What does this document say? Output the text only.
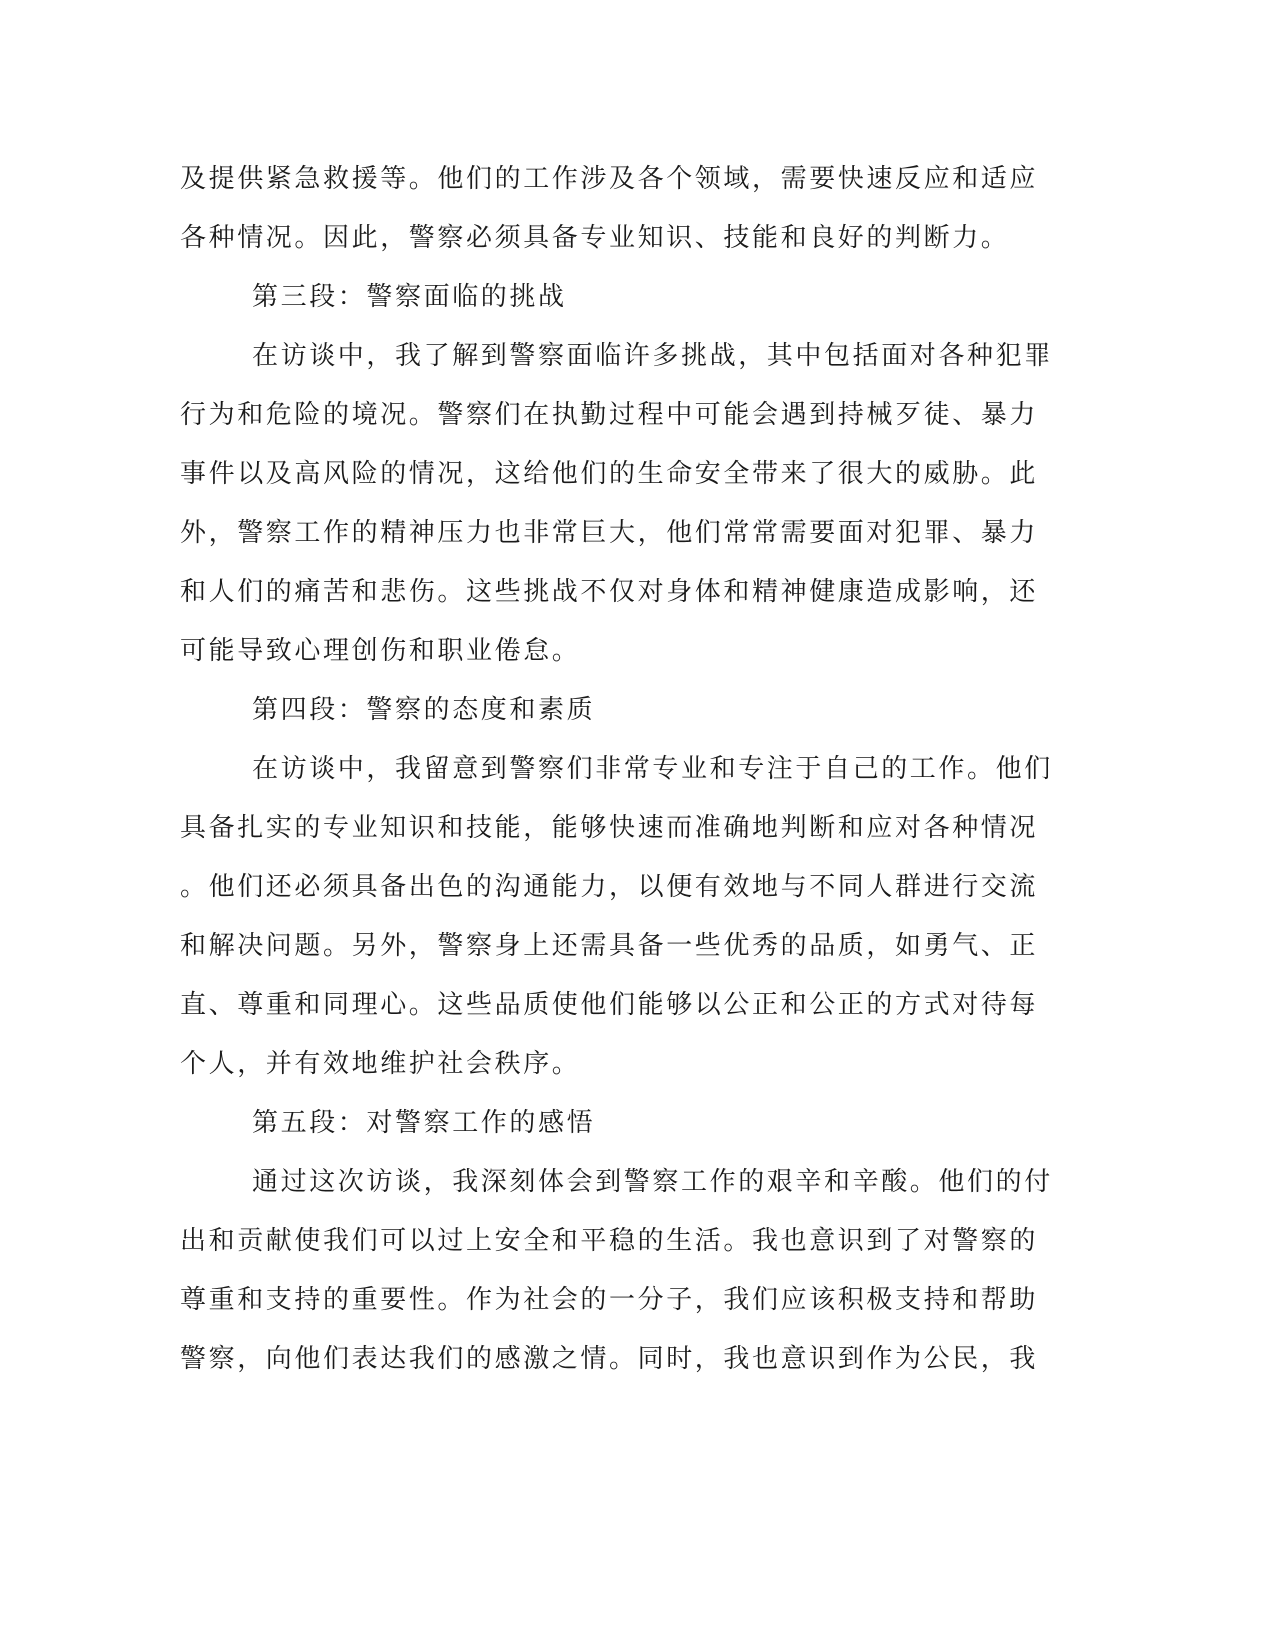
及提供紧急救援等。他们的工作涉及各个领域，需要快速反应和适应
各种情况。因此，警察必须具备专业知识、技能和良好的判断力。
第三段：警察面临的挑战
在访谈中，我了解到警察面临许多挑战，其中包括面对各种犯罪
行为和危险的境况。警察们在执勤过程中可能会遇到持械歹徒、暴力
事件以及高风险的情况，这给他们的生命安全带来了很大的威胁。此
外，警察工作的精神压力也非常巨大，他们常常需要面对犯罪、暴力
和人们的痛苦和悲伤。这些挑战不仅对身体和精神健康造成影响，还
可能导致心理创伤和职业倦怠。
第四段：警察的态度和素质
在访谈中，我留意到警察们非常专业和专注于自己的工作。他们
具备扎实的专业知识和技能，能够快速而准确地判断和应对各种情况
。他们还必须具备出色的沟通能力，以便有效地与不同人群进行交流
和解决问题。另外，警察身上还需具备一些优秀的品质，如勇气、正
直、尊重和同理心。这些品质使他们能够以公正和公正的方式对待每
个人，并有效地维护社会秩序。
第五段：对警察工作的感悟
通过这次访谈，我深刻体会到警察工作的艰辛和辛酸。他们的付
出和贡献使我们可以过上安全和平稳的生活。我也意识到了对警察的
尊重和支持的重要性。作为社会的一分子，我们应该积极支持和帮助
警察，向他们表达我们的感激之情。同时，我也意识到作为公民，我
